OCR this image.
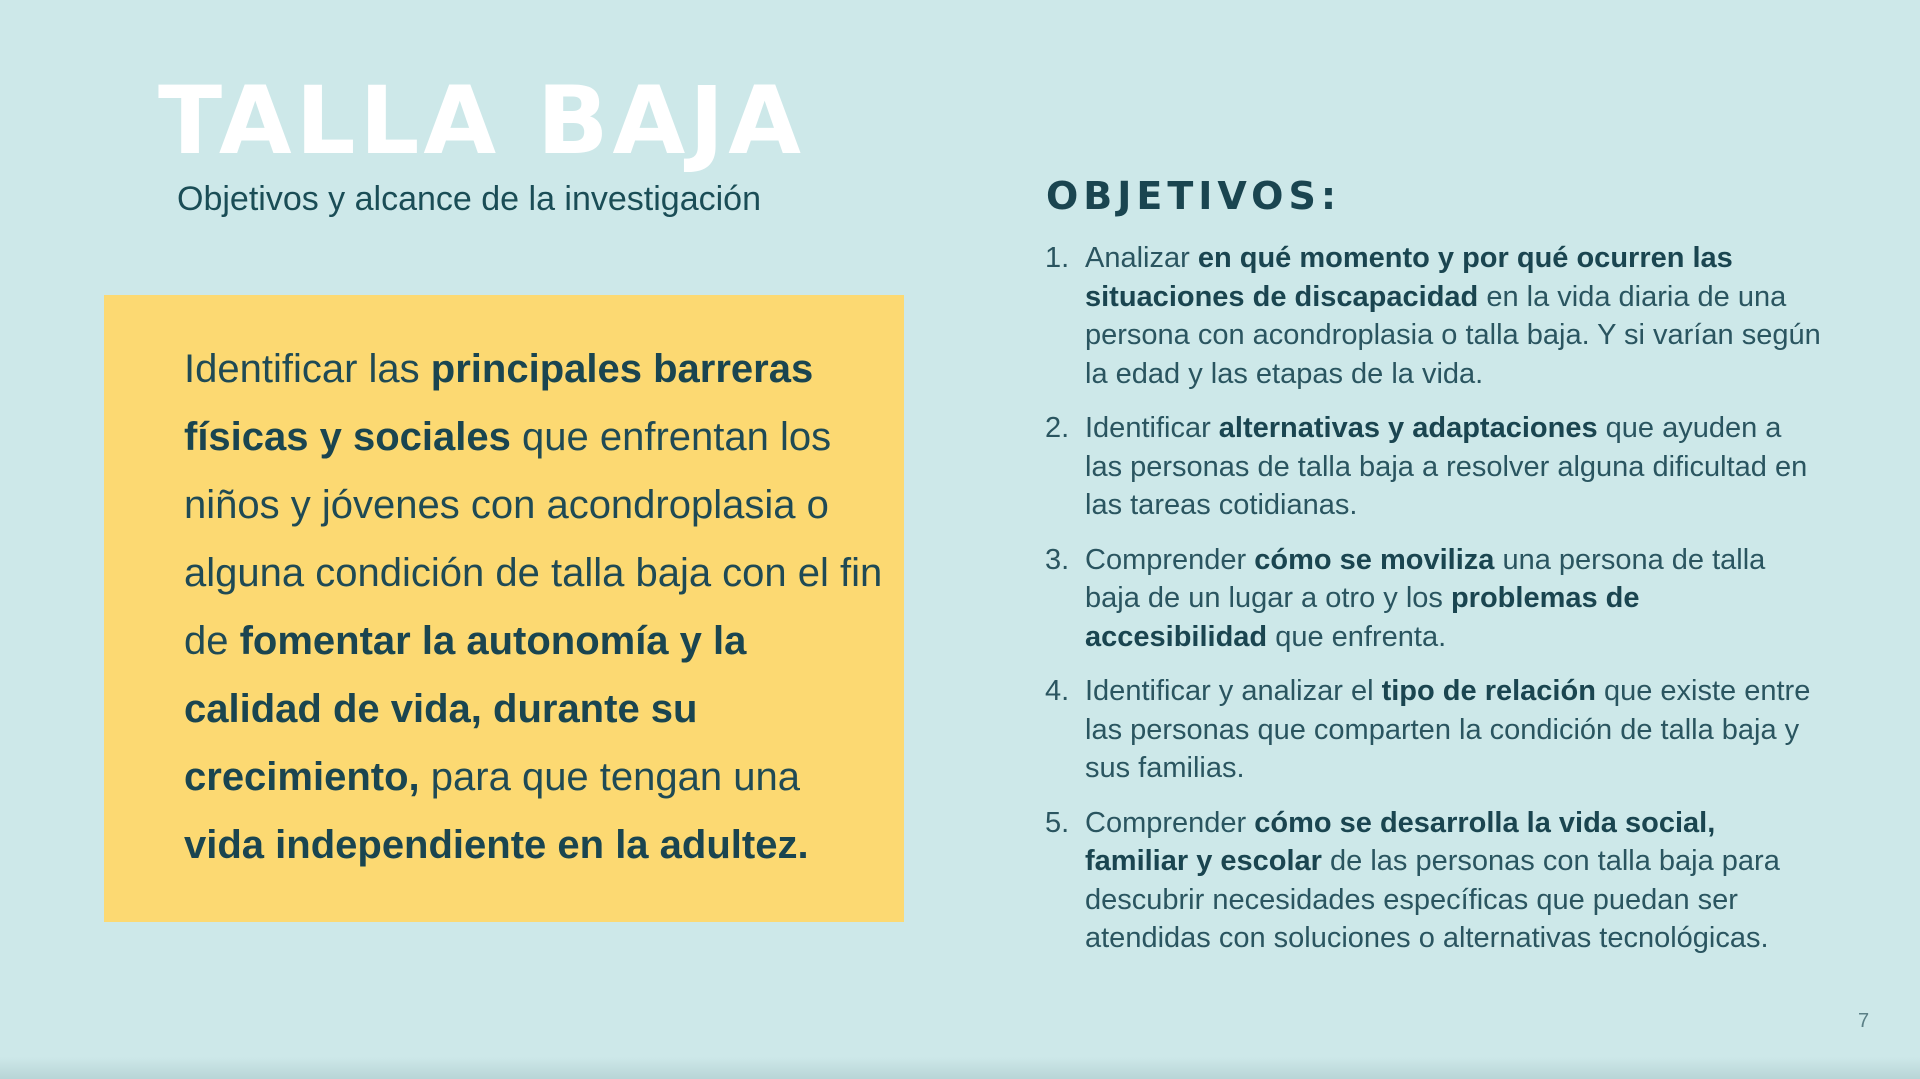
TALLA BAJA
Objetivos y alcance de la investigación

Identificar las principales barreras físicas y sociales que enfrentan los niños y jóvenes con acondroplasia o alguna condición de talla baja con el fin de fomentar la autonomía y la calidad de vida, durante su crecimiento, para que tengan una vida independiente en la adultez.

OBJETIVOS:
1. Analizar en qué momento y por qué ocurren las situaciones de discapacidad en la vida diaria de una persona con acondroplasia o talla baja. Y si varían según la edad y las etapas de la vida.
2. Identificar alternativas y adaptaciones que ayuden a las personas de talla baja a resolver alguna dificultad en las tareas cotidianas.
3. Comprender cómo se moviliza una persona de talla baja de un lugar a otro y los problemas de accesibilidad que enfrenta.
4. Identificar y analizar el tipo de relación que existe entre las personas que comparten la condición de talla baja y sus familias.
5. Comprender cómo se desarrolla la vida social, familiar y escolar de las personas con talla baja para descubrir necesidades específicas que puedan ser atendidas con soluciones o alternativas tecnológicas.
7
